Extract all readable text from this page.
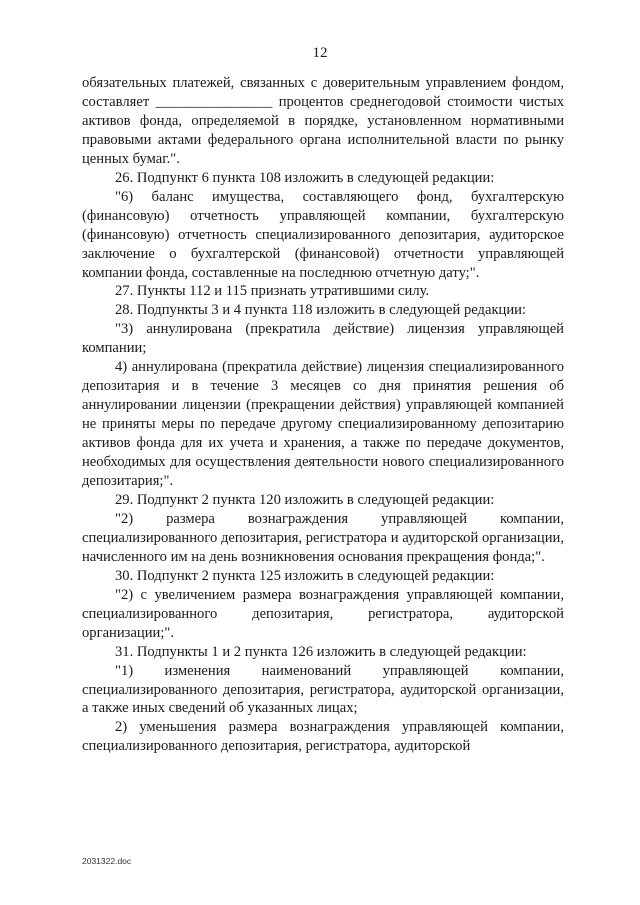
12

обязательных платежей, связанных с доверительным управлением фондом, составляет ________________ процентов среднегодовой стоимости чистых активов фонда, определяемой в порядке, установленном нормативными правовыми актами федерального органа исполнительной власти по рынку ценных бумаг.".

26. Подпункт 6 пункта 108 изложить в следующей редакции:

"6) баланс имущества, составляющего фонд, бухгалтерскую (финансовую) отчетность управляющей компании, бухгалтерскую (финансовую) отчетность специализированного депозитария, аудиторское заключение о бухгалтерской (финансовой) отчетности управляющей компании фонда, составленные на последнюю отчетную дату;".

27. Пункты 112 и 115 признать утратившими силу.

28. Подпункты 3 и 4 пункта 118 изложить в следующей редакции:

"3) аннулирована (прекратила действие) лицензия управляющей компании;

4) аннулирована (прекратила действие) лицензия специализированного депозитария и в течение 3 месяцев со дня принятия решения об аннулировании лицензии (прекращении действия) управляющей компанией не приняты меры по передаче другому специализированному депозитарию активов фонда для их учета и хранения, а также по передаче документов, необходимых для осуществления деятельности нового специализированного депозитария;".

29. Подпункт 2 пункта 120 изложить в следующей редакции:

"2) размера вознаграждения управляющей компании, специализированного депозитария, регистратора и аудиторской организации, начисленного им на день возникновения основания прекращения фонда;".

30. Подпункт 2 пункта 125 изложить в следующей редакции:

"2) с увеличением размера вознаграждения управляющей компании, специализированного депозитария, регистратора, аудиторской организации;".

31. Подпункты 1 и 2 пункта 126 изложить в следующей редакции:

"1) изменения наименований управляющей компании, специализированного депозитария, регистратора, аудиторской организации, а также иных сведений об указанных лицах;

2) уменьшения размера вознаграждения управляющей компании, специализированного депозитария, регистратора, аудиторской

2031322.doc
